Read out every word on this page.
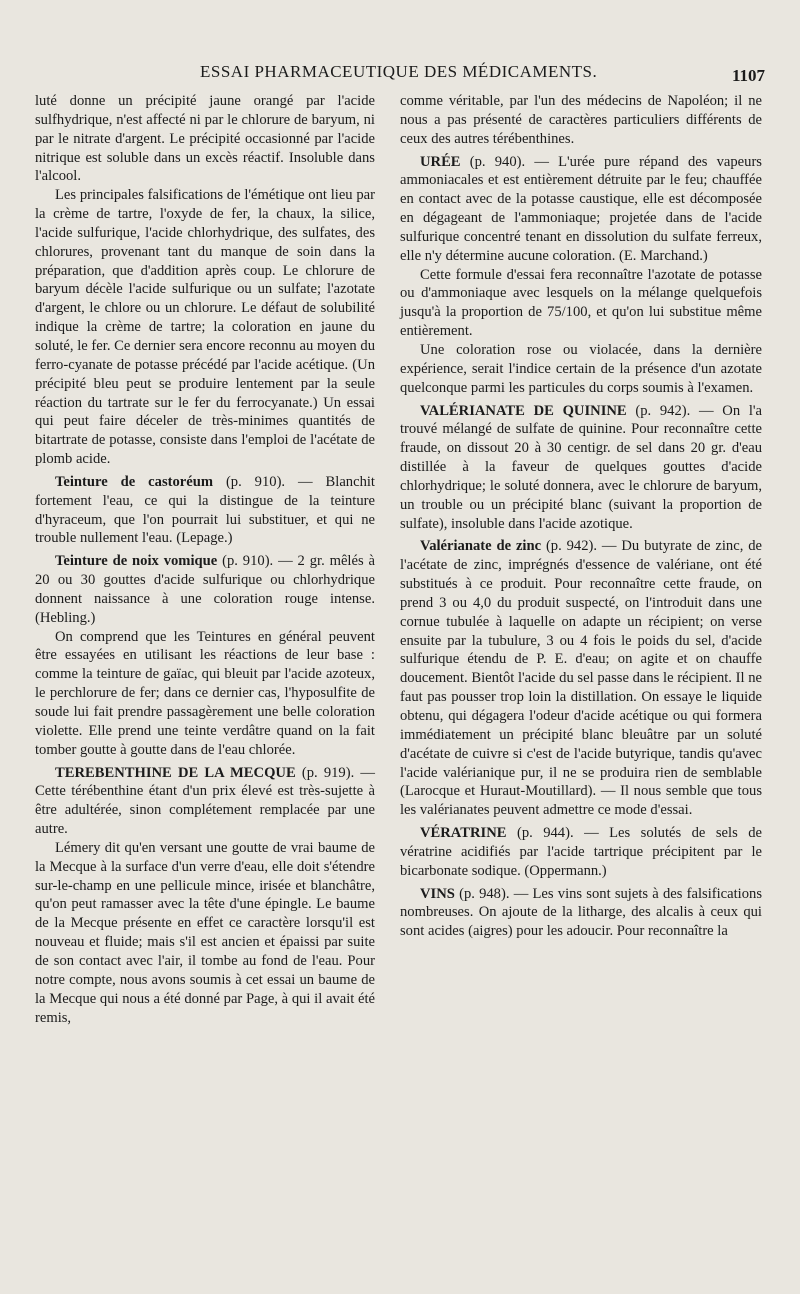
ESSAI PHARMACEUTIQUE DES MÉDICAMENTS.	1107

luté donne un précipité jaune orangé par l'acide sulfhydrique, n'est affecté ni par le chlorure de baryum, ni par le nitrate d'argent. Le précipité occasionné par l'acide nitrique est soluble dans un excès réactif. Insoluble dans l'alcool.

Les principales falsifications de l'émétique ont lieu par la crème de tartre, l'oxyde de fer, la chaux, la silice, l'acide sulfurique, l'acide chlorhydrique, des sulfates, des chlorures, provenant tant du manque de soin dans la préparation, que d'addition après coup. Le chlorure de baryum décèle l'acide sulfurique ou un sulfate; l'azotate d'argent, le chlore ou un chlorure. Le défaut de solubilité indique la crème de tartre; la coloration en jaune du soluté, le fer. Ce dernier sera encore reconnu au moyen du ferro-cyanate de potasse précédé par l'acide acétique. (Un précipité bleu peut se produire lentement par la seule réaction du tartrate sur le fer du ferrocyanate.) Un essai qui peut faire déceler de très-minimes quantités de bitartrate de potasse, consiste dans l'emploi de l'acétate de plomb acide.

Teinture de castoréum (p. 910). — Blanchit fortement l'eau, ce qui la distingue de la teinture d'hyraceum, que l'on pourrait lui substituer, et qui ne trouble nullement l'eau. (Lepage.)

Teinture de noix vomique (p. 910). — 2 gr. mêlés à 20 ou 30 gouttes d'acide sulfurique ou chlorhydrique donnent naissance à une coloration rouge intense. (Hebling.)

On comprend que les Teintures en général peuvent être essayées en utilisant les réactions de leur base : comme la teinture de gaïac, qui bleuit par l'acide azoteux, le perchlorure de fer; dans ce dernier cas, l'hyposulfite de soude lui fait prendre passagèrement une belle coloration violette. Elle prend une teinte verdâtre quand on la fait tomber goutte à goutte dans de l'eau chlorée.

TEREBENTHINE DE LA MECQUE (p. 919). — Cette térébenthine étant d'un prix élevé est très-sujette à être adultérée, sinon complétement remplacée par une autre.

Lémery dit qu'en versant une goutte de vrai baume de la Mecque à la surface d'un verre d'eau, elle doit s'étendre sur-le-champ en une pellicule mince, irisée et blanchâtre, qu'on peut ramasser avec la tête d'une épingle. Le baume de la Mecque présente en effet ce caractère lorsqu'il est nouveau et fluide; mais s'il est ancien et épaissi par suite de son contact avec l'air, il tombe au fond de l'eau. Pour notre compte, nous avons soumis à cet essai un baume de la Mecque qui nous a été donné par Page, à qui il avait été remis,

comme véritable, par l'un des médecins de Napoléon; il ne nous a pas présenté de caractères particuliers différents de ceux des autres térébenthines.

URÉE (p. 940). — L'urée pure répand des vapeurs ammoniacales et est entièrement détruite par le feu; chauffée en contact avec de la potasse caustique, elle est décomposée en dégageant de l'ammoniaque; projetée dans de l'acide sulfurique concentré tenant en dissolution du sulfate ferreux, elle n'y détermine aucune coloration. (E. Marchand.)

Cette formule d'essai fera reconnaître l'azotate de potasse ou d'ammoniaque avec lesquels on la mélange quelquefois jusqu'à la proportion de 75/100, et qu'on lui substitue même entièrement.

Une coloration rose ou violacée, dans la dernière expérience, serait l'indice certain de la présence d'un azotate quelconque parmi les particules du corps soumis à l'examen.

VALÉRIANATE DE QUININE (p. 942). — On l'a trouvé mélangé de sulfate de quinine. Pour reconnaître cette fraude, on dissout 20 à 30 centigr. de sel dans 20 gr. d'eau distillée à la faveur de quelques gouttes d'acide chlorhydrique; le soluté donnera, avec le chlorure de baryum, un trouble ou un précipité blanc (suivant la proportion de sulfate), insoluble dans l'acide azotique.

Valérianate de zinc (p. 942). — Du butyrate de zinc, de l'acétate de zinc, imprégnés d'essence de valériane, ont été substitués à ce produit. Pour reconnaître cette fraude, on prend 3 ou 4,0 du produit suspecté, on l'introduit dans une cornue tubulée à laquelle on adapte un récipient; on verse ensuite par la tubulure, 3 ou 4 fois le poids du sel, d'acide sulfurique étendu de P. E. d'eau; on agite et on chauffe doucement. Bientôt l'acide du sel passe dans le récipient. Il ne faut pas pousser trop loin la distillation. On essaye le liquide obtenu, qui dégagera l'odeur d'acide acétique ou qui formera immédiatement un précipité blanc bleuâtre par un soluté d'acétate de cuivre si c'est de l'acide butyrique, tandis qu'avec l'acide valérianique pur, il ne se produira rien de semblable (Larocque et Huraut-Moutillard). — Il nous semble que tous les valérianates peuvent admettre ce mode d'essai.

VÉRATRINE (p. 944). — Les solutés de sels de vératrine acidifiés par l'acide tartrique précipitent par le bicarbonate sodique. (Oppermann.)

VINS (p. 948). — Les vins sont sujets à des falsifications nombreuses. On ajoute de la litharge, des alcalis à ceux qui sont acides (aigres) pour les adoucir. Pour reconnaître la
